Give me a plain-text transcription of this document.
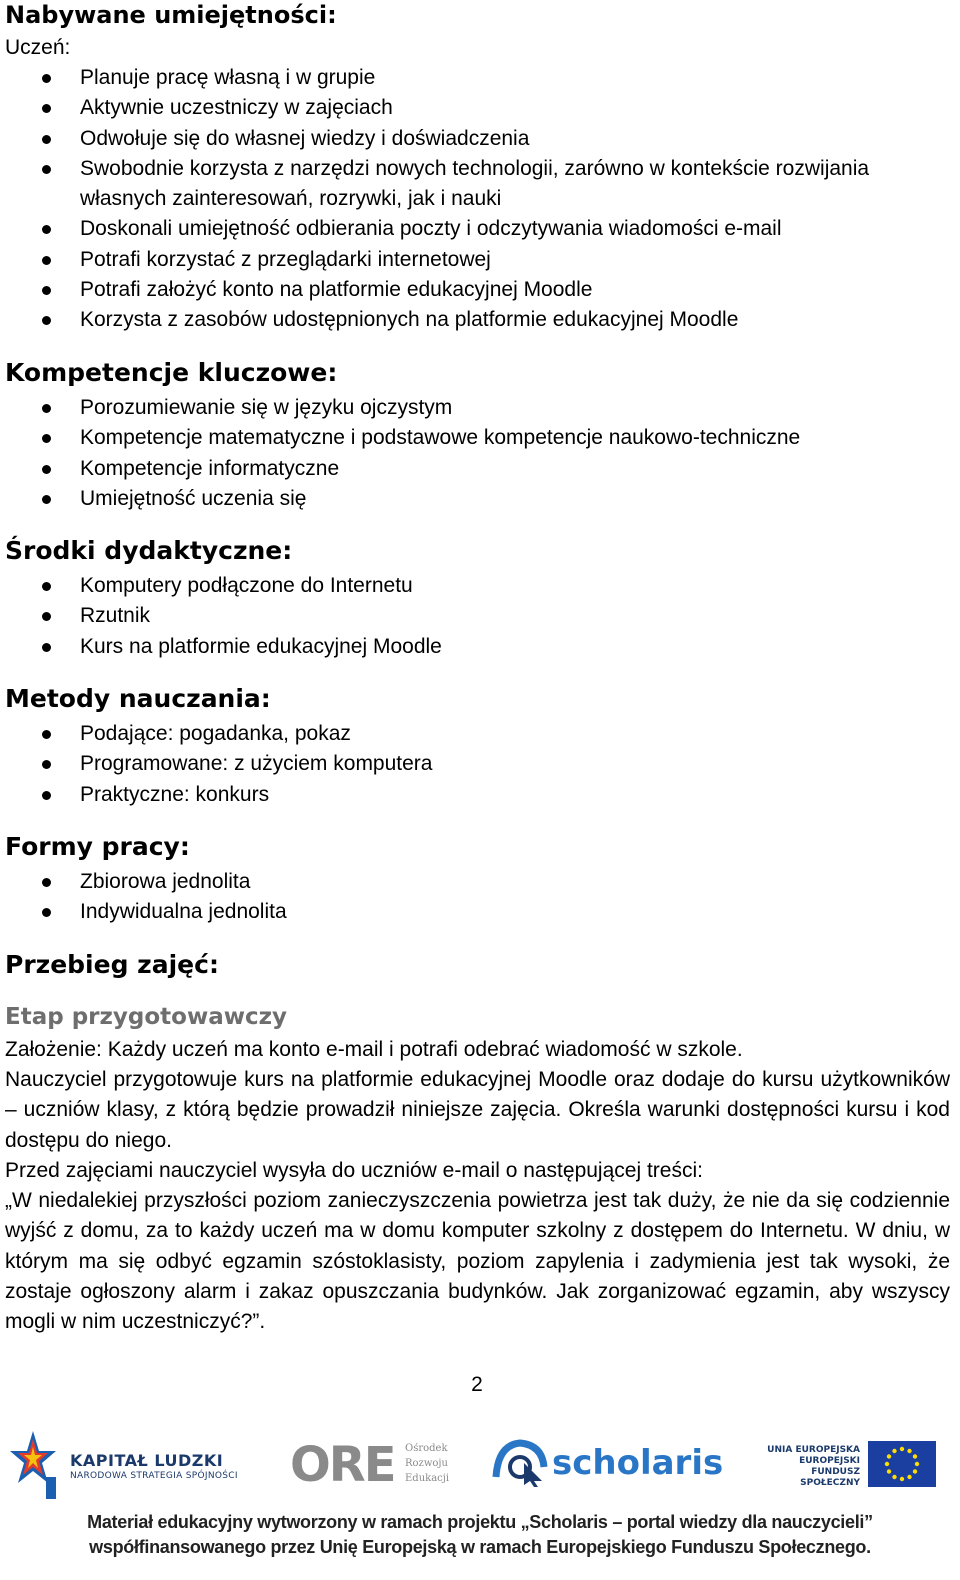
Nabywane umiejętności:
Uczeń:
Planuje pracę własną i w grupie
Aktywnie uczestniczy w zajęciach
Odwołuje się do własnej wiedzy i doświadczenia
Swobodnie korzysta z narzędzi nowych technologii, zarówno w kontekście rozwijania
własnych zainteresowań, rozrywki, jak i nauki
Doskonali umiejętność odbierania poczty i odczytywania wiadomości e-mail
Potrafi korzystać z przeglądarki internetowej
Potrafi założyć konto na platformie edukacyjnej Moodle
Korzysta z zasobów udostępnionych na platformie edukacyjnej Moodle
Kompetencje kluczowe:
Porozumiewanie się w języku ojczystym
Kompetencje matematyczne i podstawowe kompetencje naukowo-techniczne
Kompetencje informatyczne
Umiejętność uczenia się
Środki dydaktyczne:
Komputery podłączone do Internetu
Rzutnik
Kurs na platformie edukacyjnej Moodle
Metody nauczania:
Podające: pogadanka, pokaz
Programowane: z użyciem komputera
Praktyczne: konkurs
Formy pracy:
Zbiorowa jednolita
Indywidualna jednolita
Przebieg zajęć:
Etap przygotowawczy
Założenie: Każdy uczeń ma konto e-mail i potrafi odebrać wiadomość w szkole.
Nauczyciel przygotowuje kurs na platformie edukacyjnej Moodle oraz dodaje do kursu użytkowników – uczniów klasy, z którą będzie prowadził niniejsze zajęcia. Określa warunki dostępności kursu i kod dostępu do niego.
Przed zajęciami nauczyciel wysyła do uczniów e-mail o następującej treści:
„W niedalekiej przyszłości poziom zanieczyszczenia powietrza jest tak duży, że nie da się codziennie wyjść z domu, za to każdy uczeń ma w domu komputer szkolny z dostępem do Internetu. W dniu, w którym ma się odbyć egzamin szóstoklasisty, poziom zapylenia i zadymienia jest tak wysoki, że zostaje ogłoszony alarm i zakaz opuszczania budynków. Jak zorganizować egzamin, aby wszyscy mogli w nim uczestniczyć?”.
2
KAPITAŁ LUDZKI
NARODOWA STRATEGIA SPÓJNOŚCI ORE Ośrodek
Rozwoju
Edukacji	scholaris	UNIA EUROPEJSKA
EUROPEJSKI
FUNDUSZ SPOŁECZNY
Materiał edukacyjny wytworzony w ramach projektu „Scholaris – portal wiedzy dla nauczycieli”
współfinansowanego przez Unię Europejską w ramach Europejskiego Funduszu Społecznego.
